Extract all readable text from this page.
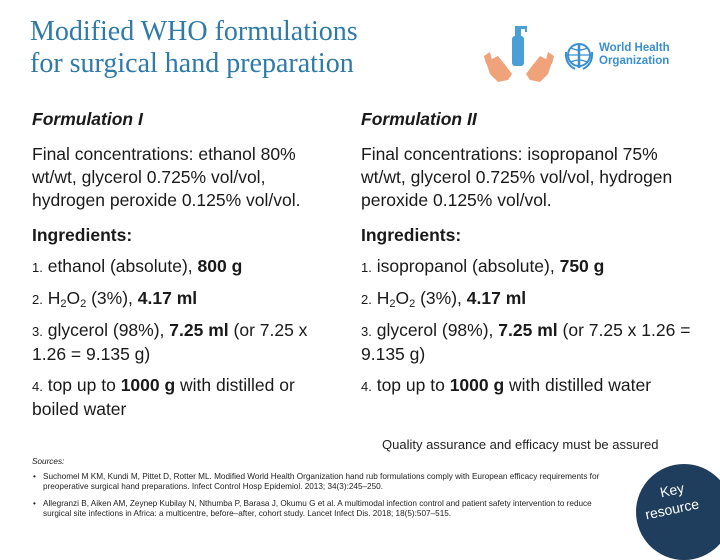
Modified WHO formulations
for surgical hand preparation	World Health
Organization
Formulation I
Final concentrations: ethanol 80% wt/wt, glycerol 0.725% vol/vol, hydrogen peroxide 0.125% vol/vol.
Ingredients:
1. ethanol (absolute), 800 g
2. $H_2O_2$ (3%), 4.17 ml
3. glycerol (98%), 7.25 ml (or 7.25 x 1.26 = 9.135 g)
4. top up to 1000 g with distilled or boiled water
Formulation II
Final concentrations: isopropanol 75% wt/wt, glycerol 0.725% vol/vol, hydrogen peroxide 0.125% vol/vol.
Ingredients:
1. isopropanol (absolute), 750 g
2. $H_2O_2$ (3%), 4.17 ml
3. glycerol (98%), 7.25 ml (or 7.25 x 1.26 = 9.135 g)
4. top up to 1000 g with distilled water
Quality assurance and efficacy must be assured
Sources:
• Suchomel M KM, Kundi M, Pittet D, Rotter ML. Modified World Health Organization hand rub formulations comply with European efficacy requirements for preoperative surgical hand preparations. Infect Control Hosp Epidemiol. 2013; 34(3):245–250.
• Allegranzi B, Aiken AM, Zeynep Kubilay N, Nthumba P, Barasa J, Okumu G et al. A multimodal infection control and patient safety intervention to reduce surgical site infections in Africa: a multicentre, before–after, cohort study. Lancet Infect Dis. 2018; 18(5):507–515.
Key
resource
